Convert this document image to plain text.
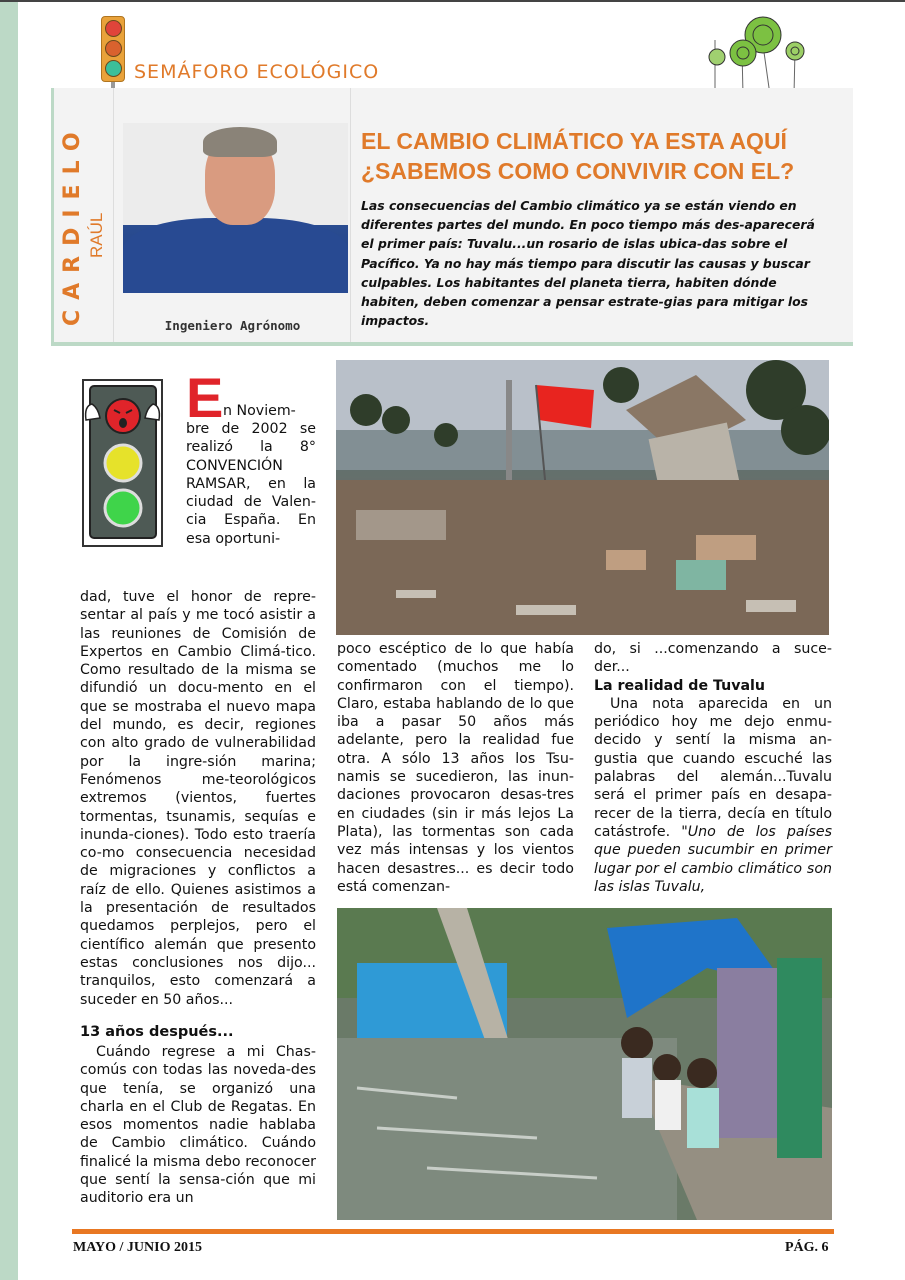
SEMÁFORO ECOLÓGICO
CARDIELO RAÚL
Ingeniero Agrónomo
EL CAMBIO CLIMÁTICO YA ESTA AQUÍ
¿SABEMOS COMO CONVIVIR CON EL?
Las consecuencias del Cambio climático ya se están viendo en diferentes partes del mundo. En poco tiempo más des-aparecerá el primer país: Tuvalu...un rosario de islas ubica-das sobre el Pacífico. Ya no hay más tiempo para discutir las causas y buscar culpables. Los habitantes del planeta tierra, habiten dónde habiten, deben comenzar a pensar estrate-gias para mitigar los impactos.
E n Noviem-
bre de 2002 se realizó la 8° CONVENCIÓN RAMSAR, en la ciudad de Valen-cia España. En esa oportuni-
dad, tuve el honor de repre-sentar al país y me tocó asistir a las reuniones de Comisión de Expertos en Cambio Climá-tico. Como resultado de la misma se difundió un docu-mento en el que se mostraba el nuevo mapa del mundo, es decir, regiones con alto grado de vulnerabilidad por la ingre-sión marina; Fenómenos me-teorológicos extremos (vientos, fuertes tormentas, tsunamis, sequías e inunda-ciones). Todo esto traería co-mo consecuencia necesidad de migraciones y conflictos a raíz de ello. Quienes asistimos a la presentación de resultados quedamos perplejos, pero el científico alemán que presento estas conclusiones nos dijo... tranquilos, esto comenzará a suceder en 50 años...
13 años después...
Cuándo regrese a mi Chas-comús con todas las noveda-des que tenía, se organizó una charla en el Club de Regatas. En esos momentos nadie hablaba de Cambio climático. Cuándo finalicé la misma debo reconocer que sentí la sensa-ción que mi auditorio era un
poco escéptico de lo que había comentado (muchos me lo confirmaron con el tiempo). Claro, estaba hablando de lo que iba a pasar 50 años más adelante, pero la realidad fue otra. A sólo 13 años los Tsu-namis se sucedieron, las inun-daciones provocaron desas-tres en ciudades (sin ir más lejos La Plata), las tormentas son cada vez más intensas y los vientos hacen desastres... es decir todo está comenzan-
do, si ...comenzando a suce-der...
La realidad de Tuvalu
Una nota aparecida en un periódico hoy me dejo enmu-decido y sentí la misma an-gustia que cuando escuché las palabras del alemán...Tuvalu será el primer país en desapa-recer de la tierra, decía en título catástrofe. "Uno de los países que pueden sucumbir en primer lugar por el cambio climático son las islas Tuvalu,
MAYO / JUNIO 2015	PÁG. 6
